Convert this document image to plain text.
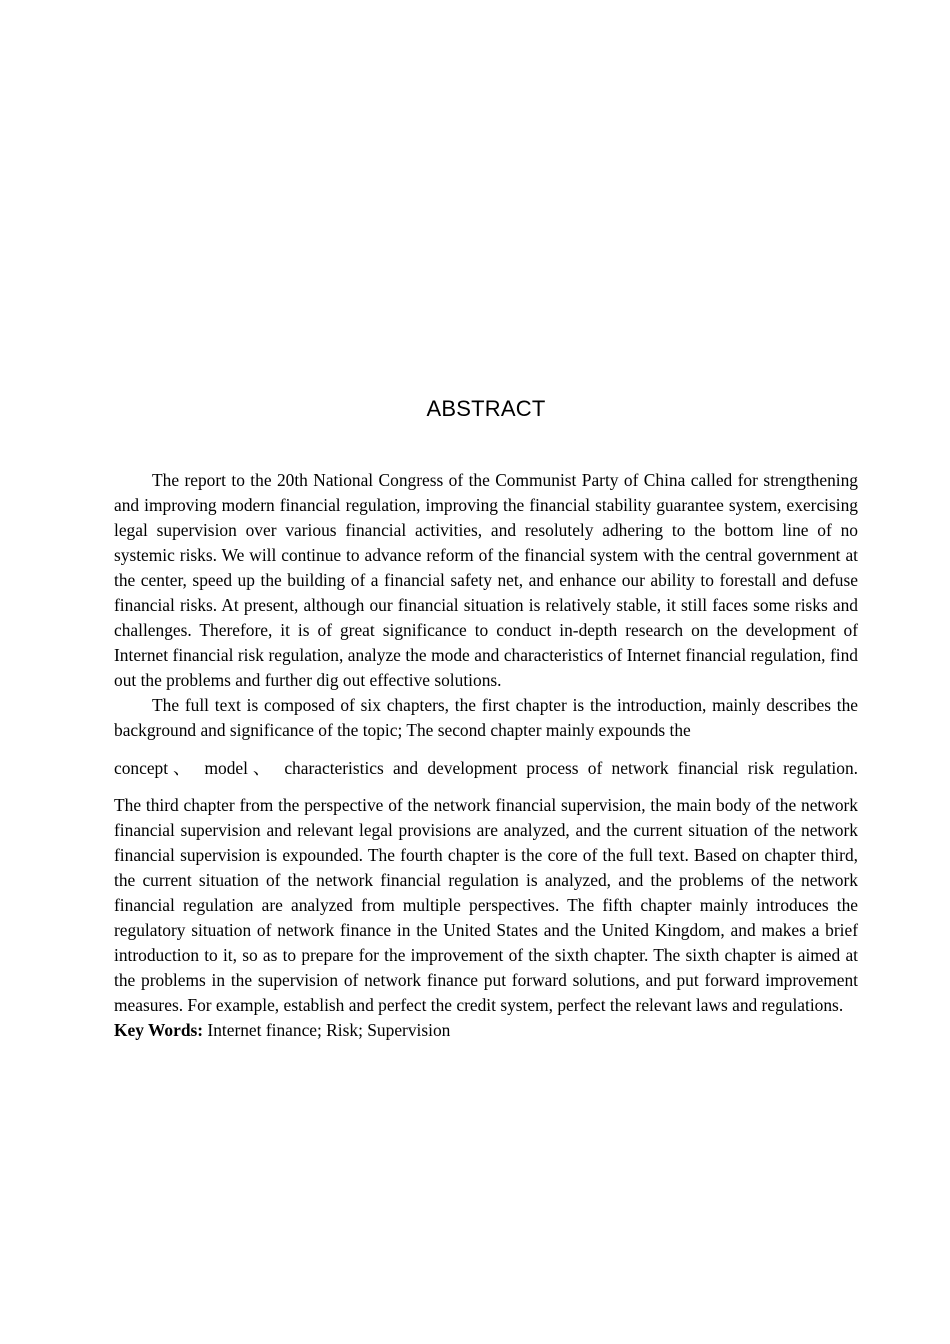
ABSTRACT

The report to the 20th National Congress of the Communist Party of China called for strengthening and improving modern financial regulation, improving the financial stability guarantee system, exercising legal supervision over various financial activities, and resolutely adhering to the bottom line of no systemic risks. We will continue to advance reform of the financial system with the central government at the center, speed up the building of a financial safety net, and enhance our ability to forestall and defuse financial risks. At present, although our financial situation is relatively stable, it still faces some risks and challenges. Therefore, it is of great significance to conduct in-depth research on the development of Internet financial risk regulation, analyze the mode and characteristics of Internet financial regulation, find out the problems and further dig out effective solutions.

The full text is composed of six chapters, the first chapter is the introduction, mainly describes the background and significance of the topic; The second chapter mainly expounds the

concept、 model、 characteristics and development process of network financial risk regulation.

The third chapter from the perspective of the network financial supervision, the main body of the network financial supervision and relevant legal provisions are analyzed, and the current situation of the network financial supervision is expounded. The fourth chapter is the core of the full text. Based on chapter third, the current situation of the network financial regulation is analyzed, and the problems of the network financial regulation are analyzed from multiple perspectives. The fifth chapter mainly introduces the regulatory situation of network finance in the United States and the United Kingdom, and makes a brief introduction to it, so as to prepare for the improvement of the sixth chapter. The sixth chapter is aimed at the problems in the supervision of network finance put forward solutions, and put forward improvement measures. For example, establish and perfect the credit system, perfect the relevant laws and regulations.

Key Words: Internet finance; Risk; Supervision
